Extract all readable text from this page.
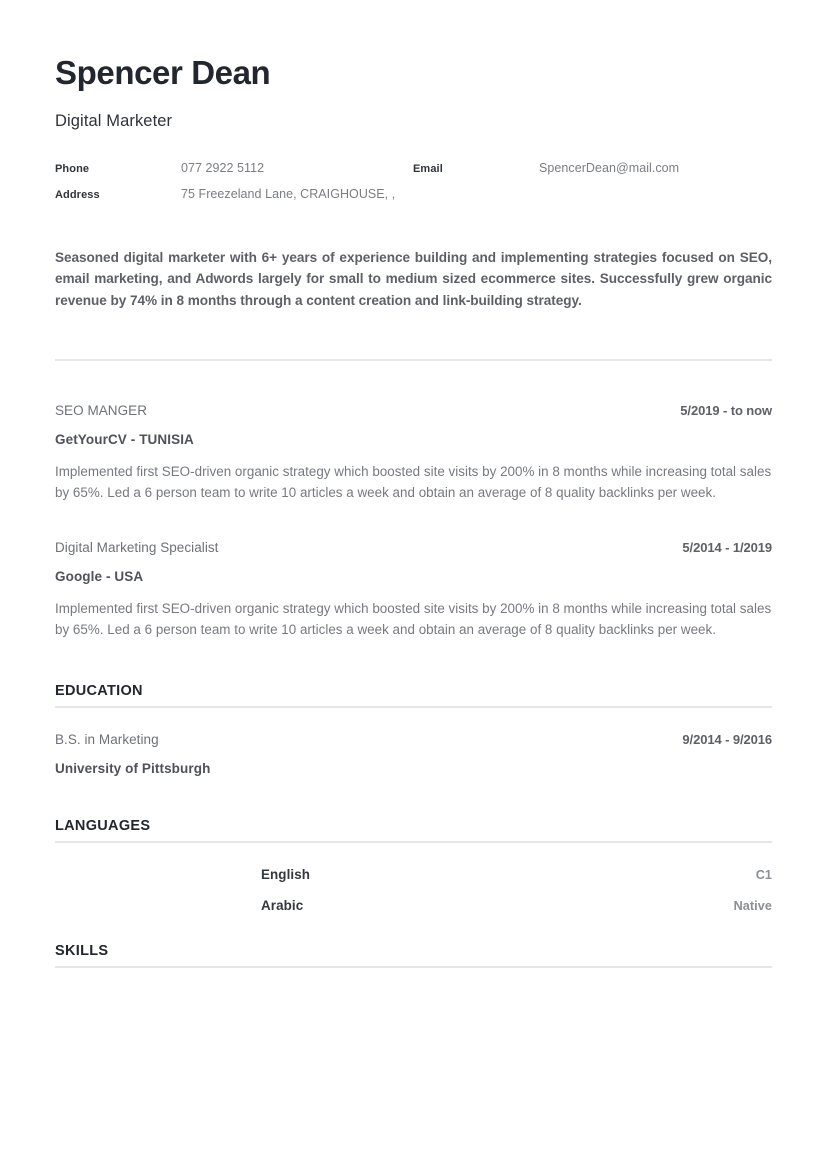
Spencer Dean
Digital Marketer
Phone	077 2922 5112	Email	SpencerDean@mail.com
Address	75 Freezeland Lane, CRAIGHOUSE, ,
Seasoned digital marketer with 6+ years of experience building and implementing strategies focused on SEO, email marketing, and Adwords largely for small to medium sized ecommerce sites. Successfully grew organic revenue by 74% in 8 months through a content creation and link-building strategy.
SEO MANGER	5/2019 - to now
GetYourCV - TUNISIA
Implemented first SEO-driven organic strategy which boosted site visits by 200% in 8 months while increasing total sales by 65%. Led a 6 person team to write 10 articles a week and obtain an average of 8 quality backlinks per week.
Digital Marketing Specialist	5/2014 - 1/2019
Google - USA
Implemented first SEO-driven organic strategy which boosted site visits by 200% in 8 months while increasing total sales by 65%. Led a 6 person team to write 10 articles a week and obtain an average of 8 quality backlinks per week.
EDUCATION
B.S. in Marketing	9/2014 - 9/2016
University of Pittsburgh
LANGUAGES
English	C1
Arabic	Native
SKILLS
